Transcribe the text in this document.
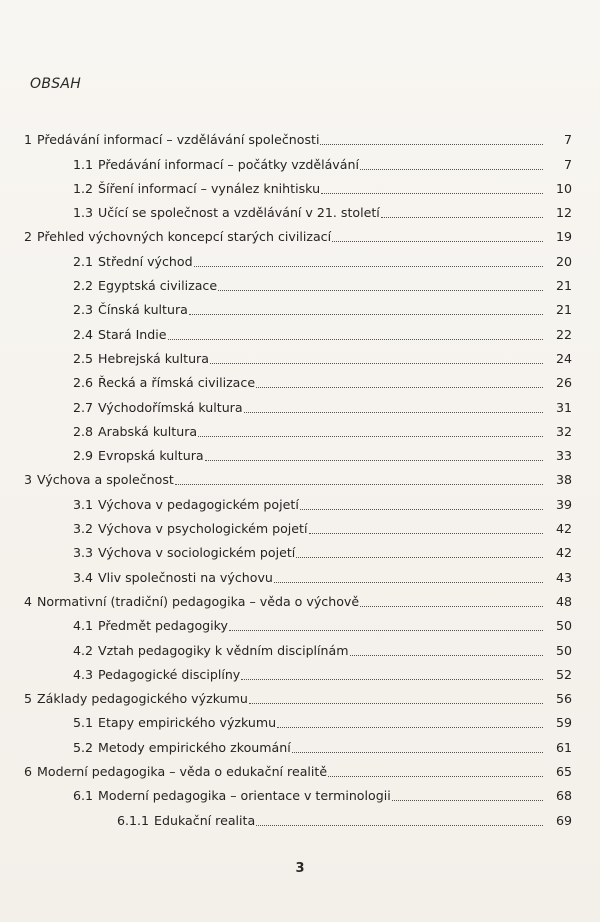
OBSAH
1 Předávání informací – vzdělávání společnosti	7
1.1 Předávání informací – počátky vzdělávání	7
1.2 Šíření informací – vynález knihtisku	10
1.3 Učící se společnost a vzdělávání v 21. století	12
2 Přehled výchovných koncepcí starých civilizací	19
2.1 Střední východ	20
2.2 Egyptská civilizace	21
2.3 Čínská kultura	21
2.4 Stará Indie	22
2.5 Hebrejská kultura	24
2.6 Řecká a římská civilizace	26
2.7 Východořímská kultura	31
2.8 Arabská kultura	32
2.9 Evropská kultura	33
3 Výchova a společnost	38
3.1 Výchova v pedagogickém pojetí	39
3.2 Výchova v psychologickém pojetí	42
3.3 Výchova v sociologickém pojetí	42
3.4 Vliv společnosti na výchovu	43
4 Normativní (tradiční) pedagogika – věda o výchově	48
4.1 Předmět pedagogiky	50
4.2 Vztah pedagogiky k vědním disciplínám	50
4.3 Pedagogické disciplíny	52
5 Základy pedagogického výzkumu	56
5.1 Etapy empirického výzkumu	59
5.2 Metody empirického zkoumání	61
6 Moderní pedagogika – věda o edukační realitě	65
6.1 Moderní pedagogika – orientace v terminologii	68
6.1.1 Edukační realita	69
3
